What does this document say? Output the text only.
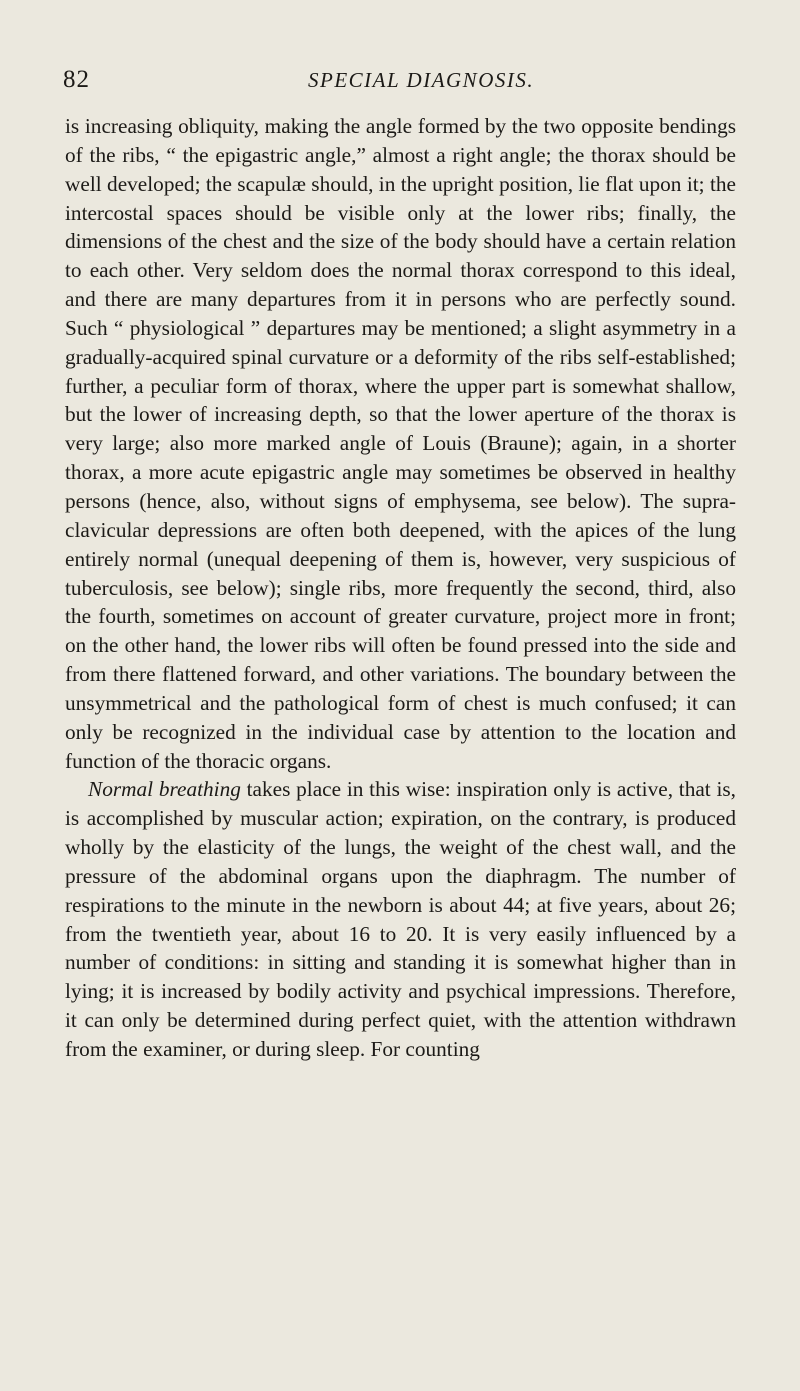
82	SPECIAL DIAGNOSIS.

is increasing obliquity, making the angle formed by the two opposite bendings of the ribs, “ the epigastric angle,” almost a right angle; the thorax should be well developed; the scapulæ should, in the upright position, lie flat upon it; the intercostal spaces should be visible only at the lower ribs; finally, the dimensions of the chest and the size of the body should have a certain relation to each other. Very seldom does the normal thorax correspond to this ideal, and there are many departures from it in persons who are perfectly sound. Such “ physiological ” departures may be mentioned; a slight asymmetry in a gradually-acquired spinal curvature or a deformity of the ribs self-established; further, a peculiar form of thorax, where the upper part is somewhat shallow, but the lower of increasing depth, so that the lower aperture of the thorax is very large; also more marked angle of Louis (Braune); again, in a shorter thorax, a more acute epigastric angle may sometimes be observed in healthy persons (hence, also, without signs of emphysema, see below). The supra-clavicular depressions are often both deepened, with the apices of the lung entirely normal (unequal deepening of them is, however, very suspicious of tuberculosis, see below); single ribs, more frequently the second, third, also the fourth, sometimes on account of greater curvature, project more in front; on the other hand, the lower ribs will often be found pressed into the side and from there flattened forward, and other variations. The boundary between the unsymmetrical and the pathological form of chest is much confused; it can only be recognized in the individual case by attention to the location and function of the thoracic organs.

Normal breathing takes place in this wise: inspiration only is active, that is, is accomplished by muscular action; expiration, on the contrary, is produced wholly by the elasticity of the lungs, the weight of the chest wall, and the pressure of the abdominal organs upon the diaphragm. The number of respirations to the minute in the newborn is about 44; at five years, about 26; from the twentieth year, about 16 to 20. It is very easily influenced by a number of conditions: in sitting and standing it is somewhat higher than in lying; it is increased by bodily activity and psychical impressions. Therefore, it can only be determined during perfect quiet, with the attention withdrawn from the examiner, or during sleep. For counting
